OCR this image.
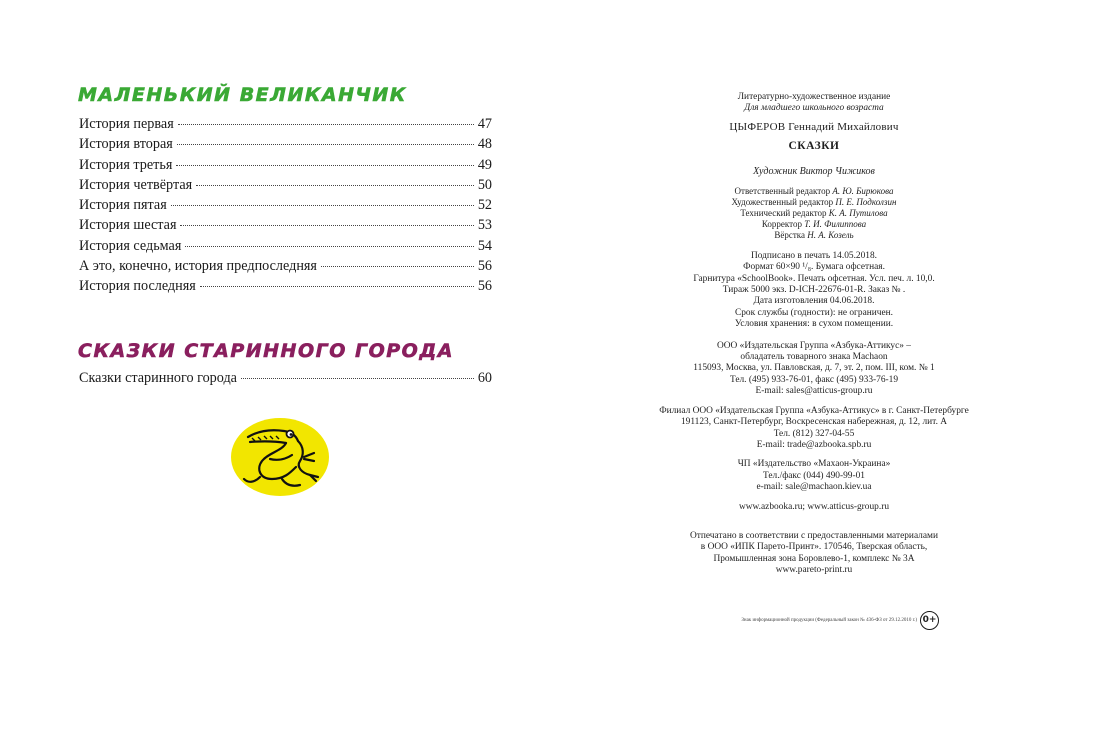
МАЛЕНЬКИЙ ВЕЛИКАНЧИК
История первая	47
История вторая	48
История третья	49
История четвёртая	50
История пятая	52
История шестая	53
История седьмая	54
А это, конечно, история предпоследняя	56
История последняя	56
СКАЗКИ СТАРИННОГО ГОРОДА
Сказки старинного города	60
Литературно-художественное издание
Для младшего школьного возраста
ЦЫФЕРОВ Геннадий Михайлович
СКАЗКИ
Художник Виктор Чижиков
Ответственный редактор А. Ю. Бирюкова
Художественный редактор П. Е. Подколзин
Технический редактор К. А. Путилова
Корректор Т. И. Филиппова
Вёрстка Н. А. Козель
Подписано в печать 14.05.2018.
Формат 60×90 ¹/₈. Бумага офсетная.
Гарнитура «SchoolBook». Печать офсетная. Усл. печ. л. 10,0.
Тираж 5000 экз. D-ICH-22676-01-R. Заказ № .
Дата изготовления 04.06.2018.
Срок службы (годности): не ограничен.
Условия хранения: в сухом помещении.
ООО «Издательская Группа «Азбука-Аттикус» –
обладатель товарного знака Machaon
115093, Москва, ул. Павловская, д. 7, эт. 2, пом. III, ком. № 1
Тел. (495) 933-76-01, факс (495) 933-76-19
E-mail: sales@atticus-group.ru
Филиал ООО «Издательская Группа «Азбука-Аттикус» в г. Санкт-Петербурге
191123, Санкт-Петербург, Воскресенская набережная, д. 12, лит. А
Тел. (812) 327-04-55
E-mail: trade@azbooka.spb.ru
ЧП «Издательство «Махаон-Украина»
Тел./факс (044) 490-99-01
e-mail: sale@machaon.kiev.ua
www.azbooka.ru; www.atticus-group.ru
Отпечатано в соответствии с предоставленными материалами
в ООО «ИПК Парето-Принт». 170546, Тверская область,
Промышленная зона Боровлево-1, комплекс № 3А
www.pareto-print.ru
Знак информационной продукции (Федеральный закон № 436-ФЗ от 29.12.2010 г.) 0+
